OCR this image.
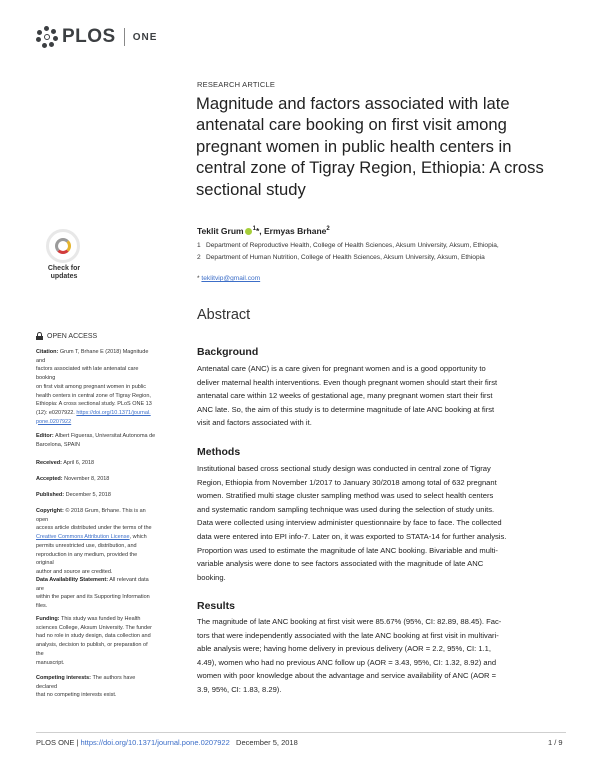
PLOS ONE
RESEARCH ARTICLE
Magnitude and factors associated with late antenatal care booking on first visit among pregnant women in public health centers in central zone of Tigray Region, Ethiopia: A cross sectional study
Teklit Grum $^1$*, Ermyas Brhane$^2$
1 Department of Reproductive Health, College of Health Sciences, Aksum University, Aksum, Ethiopia,
2 Department of Human Nutrition, College of Health Sciences, Aksum University, Aksum, Ethiopia
* teklitvip@gmail.com
Abstract
Background
Antenatal care (ANC) is a care given for pregnant women and is a good opportunity to
deliver maternal health interventions. Even though pregnant women should start their first
antenatal care within 12 weeks of gestational age, many pregnant women start their first
ANC late. So, the aim of this study is to determine magnitude of late ANC booking at first
visit and factors associated with it.
Methods
Institutional based cross sectional study design was conducted in central zone of Tigray
Region, Ethiopia from November 1/2017 to January 30/2018 among total of 632 pregnant
women. Stratified multi stage cluster sampling method was used to select health centers
and systematic random sampling technique was used during the selection of study units.
Data were collected using interview administer questionnaire by face to face. The collected
data were entered into EPI info-7. Later on, it was exported to STATA-14 for further analysis.
Proportion was used to estimate the magnitude of late ANC booking. Bivariable and multi-
variable analysis were done to see factors associated with the magnitude of late ANC
booking.
Results
The magnitude of late ANC booking at first visit were 85.67% (95%, CI: 82.89, 88.45). Fac-
tors that were independently associated with the late ANC booking at first visit in multivari-
able analysis were; having home delivery in previous delivery (AOR = 2.2, 95%, CI: 1.1,
4.49), women who had no previous ANC follow up (AOR = 3.43, 95%, CI: 1.32, 8.92) and
women with poor knowledge about the advantage and service availability of ANC (AOR =
3.9, 95%, CI: 1.83, 8.29).
Check for
updates
OPEN ACCESS
Citation: Grum T, Brhane E (2018) Magnitude and
factors associated with late antenatal care booking
on first visit among pregnant women in public
health centers in central zone of Tigray Region,
Ethiopia: A cross sectional study. PLoS ONE 13
(12): e0207922. https://doi.org/10.1371/journal.
pone.0207922
Editor: Albert Figueras, Universitat Autonoma de
Barcelona, SPAIN
Received: April 6, 2018
Accepted: November 8, 2018
Published: December 5, 2018
Copyright: © 2018 Grum, Brhane. This is an open
access article distributed under the terms of the
Creative Commons Attribution License, which
permits unrestricted use, distribution, and
reproduction in any medium, provided the original
author and source are credited.
Data Availability Statement: All relevant data are
within the paper and its Supporting Information
files.
Funding: This study was funded by Health
sciences College, Aksum University. The funder
had no role in study design, data collection and
analysis, decision to publish, or preparation of the
manuscript.
Competing interests: The authors have declared
that no competing interests exist.
PLOS ONE | https://doi.org/10.1371/journal.pone.0207922 December 5, 2018	1 / 9
